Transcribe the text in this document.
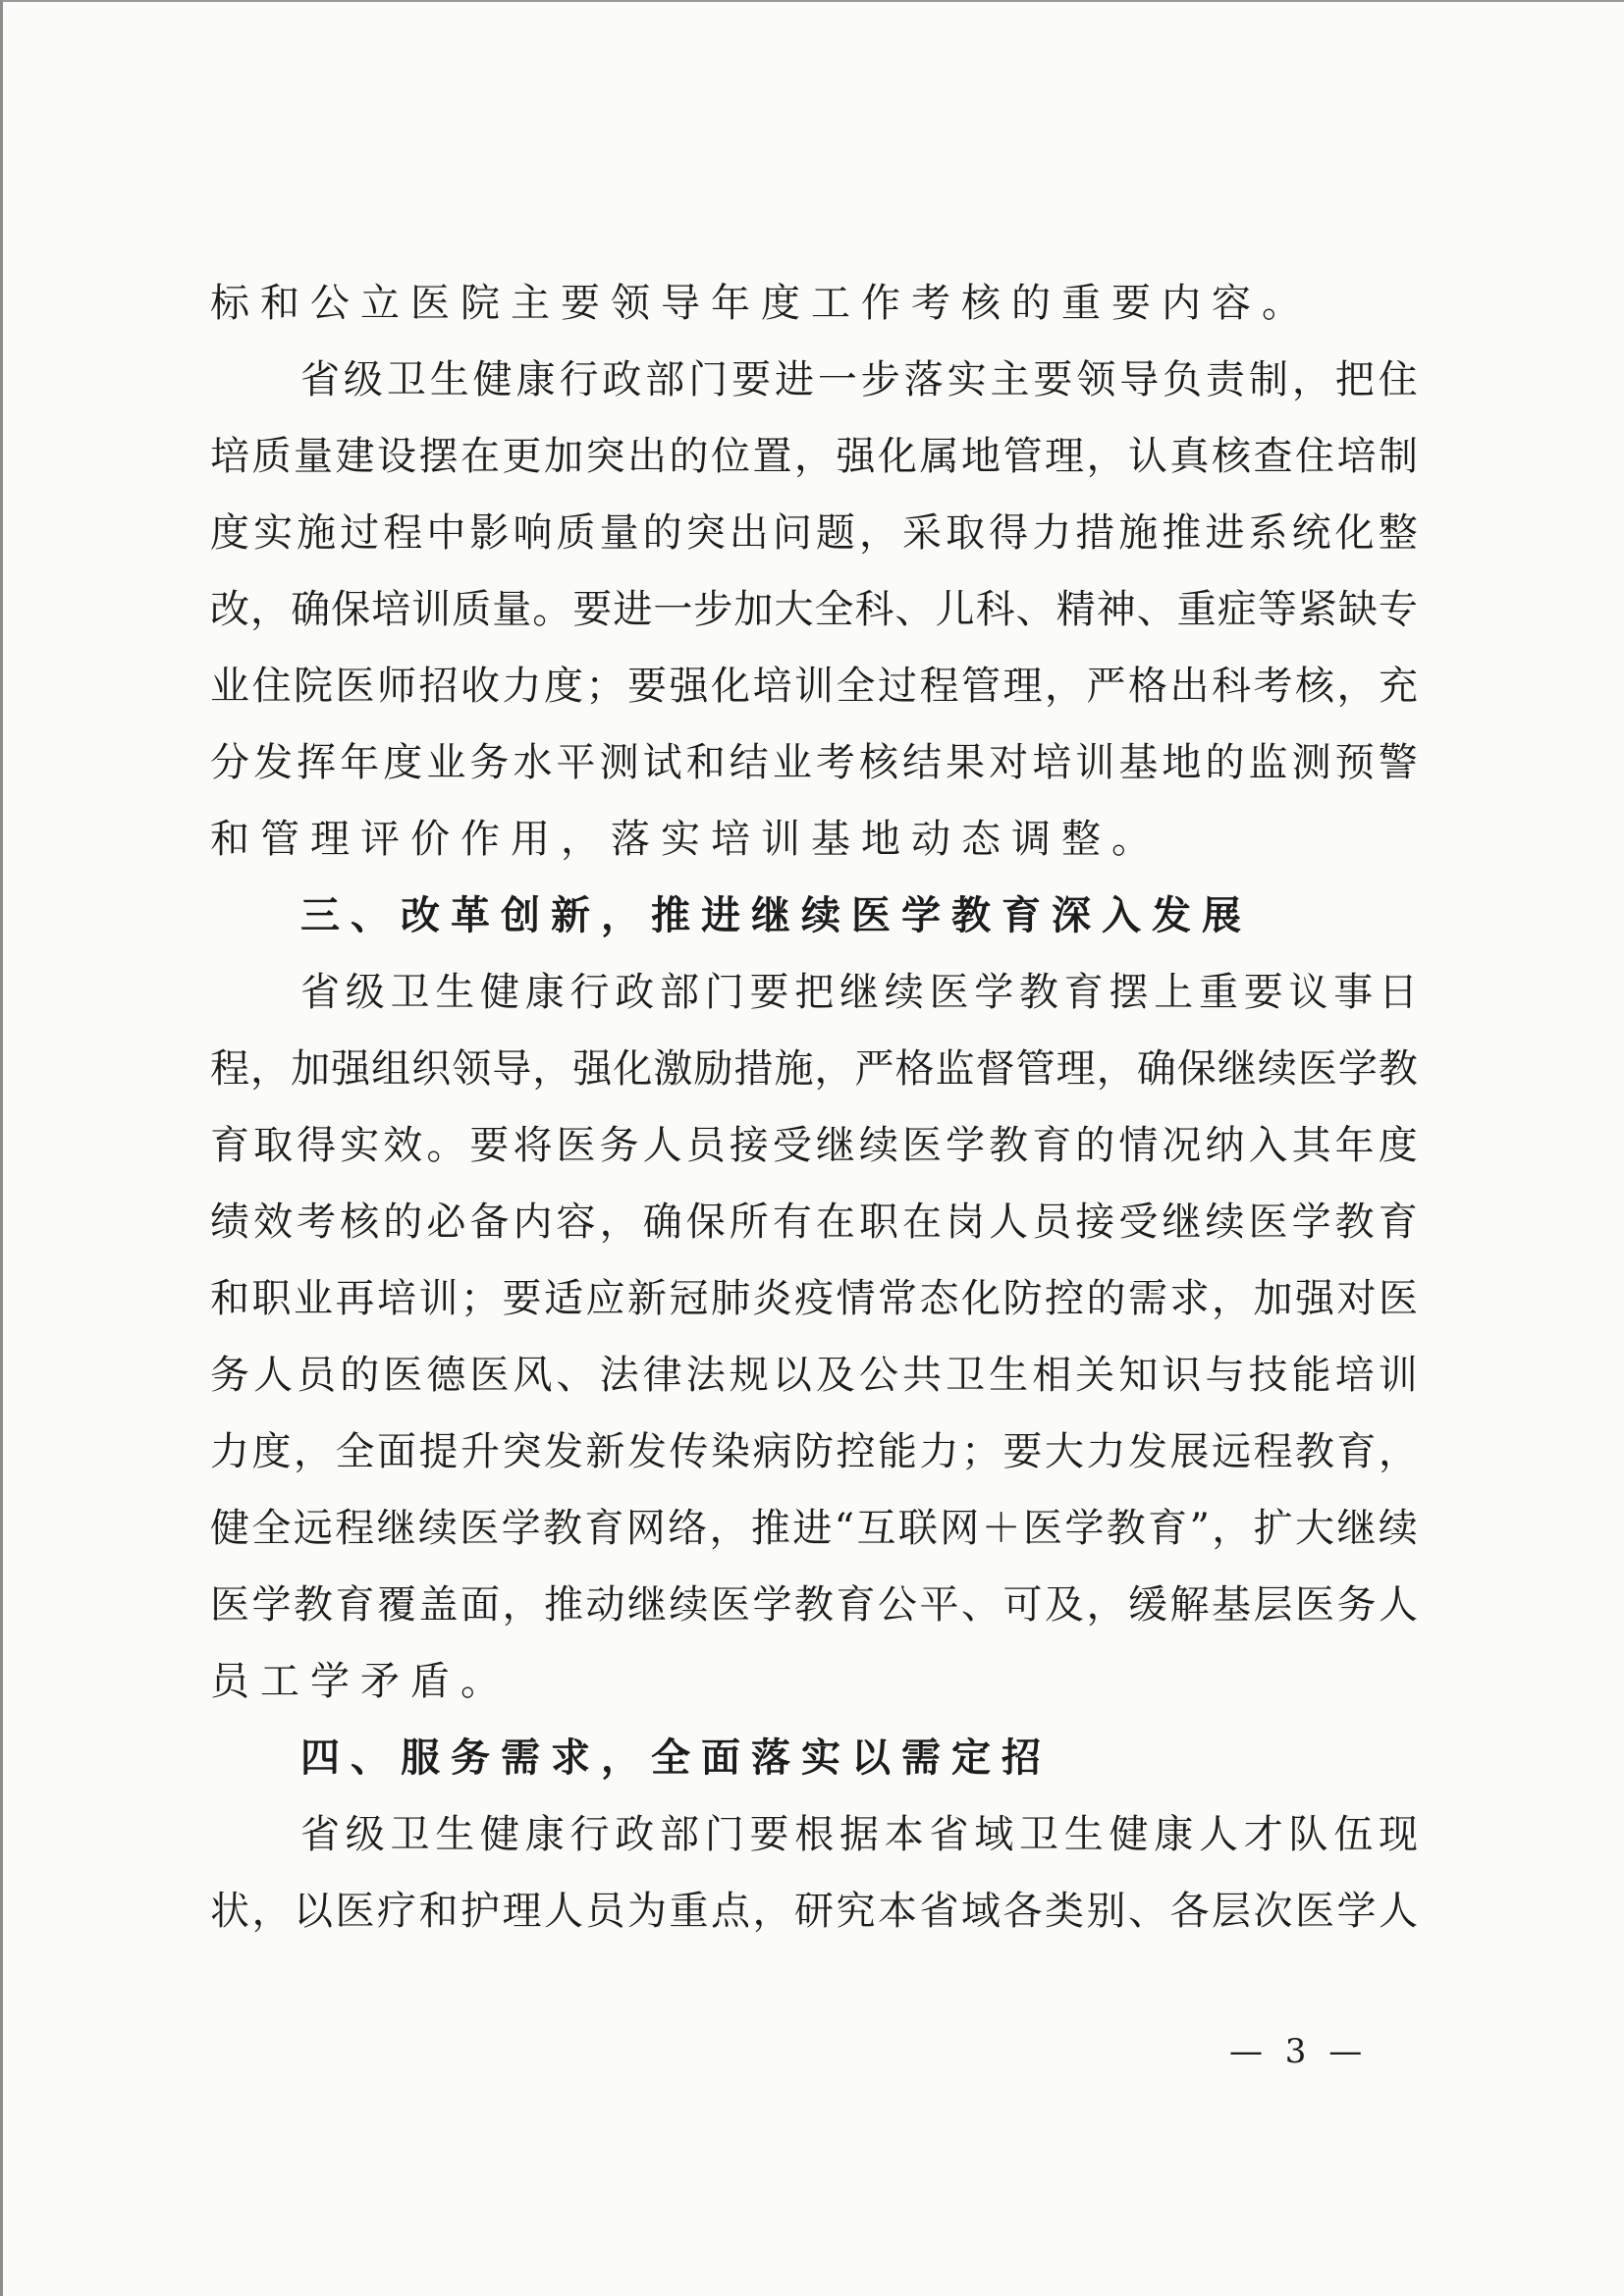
标和公立医院主要领导年度工作考核的重要内容。
省 级 卫 生 健 康 行 政 部 门 要 进 一 步 落 实 主 要 领 导 负 责 制 ， 把 住
培 质 量 建 设 摆 在 更 加 突 出 的 位 置 ， 强 化 属 地 管 理 ， 认 真 核 查 住 培 制
度 实 施 过 程 中 影 响 质 量 的 突 出 问 题 ， 采 取 得 力 措 施 推 进 系 统 化 整
改 ， 确 保 培 训 质 量 。 要 进 一 步 加 大 全 科 、 儿 科 、 精 神 、 重 症 等 紧 缺 专
业 住 院 医 师 招 收 力 度 ； 要 强 化 培 训 全 过 程 管 理 ， 严 格 出 科 考 核 ， 充
分 发 挥 年 度 业 务 水 平 测 试 和 结 业 考 核 结 果 对 培 训 基 地 的 监 测 预 警
和管理评价作用，落实培训基地动态调整。
三、改革创新，推进继续医学教育深入发展
省 级 卫 生 健 康 行 政 部 门 要 把 继 续 医 学 教 育 摆 上 重 要 议 事 日
程 ， 加 强 组 织 领 导 ， 强 化 激 励 措 施 ， 严 格 监 督 管 理 ， 确 保 继 续 医 学 教
育 取 得 实 效 。 要 将 医 务 人 员 接 受 继 续 医 学 教 育 的 情 况 纳 入 其 年 度
绩 效 考 核 的 必 备 内 容 ， 确 保 所 有 在 职 在 岗 人 员 接 受 继 续 医 学 教 育
和 职 业 再 培 训 ； 要 适 应 新 冠 肺 炎 疫 情 常 态 化 防 控 的 需 求 ， 加 强 对 医
务 人 员 的 医 德 医 风 、 法 律 法 规 以 及 公 共 卫 生 相 关 知 识 与 技 能 培 训
力 度 ， 全 面 提 升 突 发 新 发 传 染 病 防 控 能 力 ； 要 大 力 发 展 远 程 教 育 ，
健 全 远 程 继 续 医 学 教 育 网 络 ， 推 进 “ 互 联 网 ＋ 医 学 教 育 ” ， 扩 大 继 续
医 学 教 育 覆 盖 面 ， 推 动 继 续 医 学 教 育 公 平 、 可 及 ， 缓 解 基 层 医 务 人
员工学矛盾。
四、服务需求，全面落实以需定招
省 级 卫 生 健 康 行 政 部 门 要 根 据 本 省 域 卫 生 健 康 人 才 队 伍 现
状 ， 以 医 疗 和 护 理 人 员 为 重 点 ， 研 究 本 省 域 各 类 别 、 各 层 次 医 学 人
— 3 —
